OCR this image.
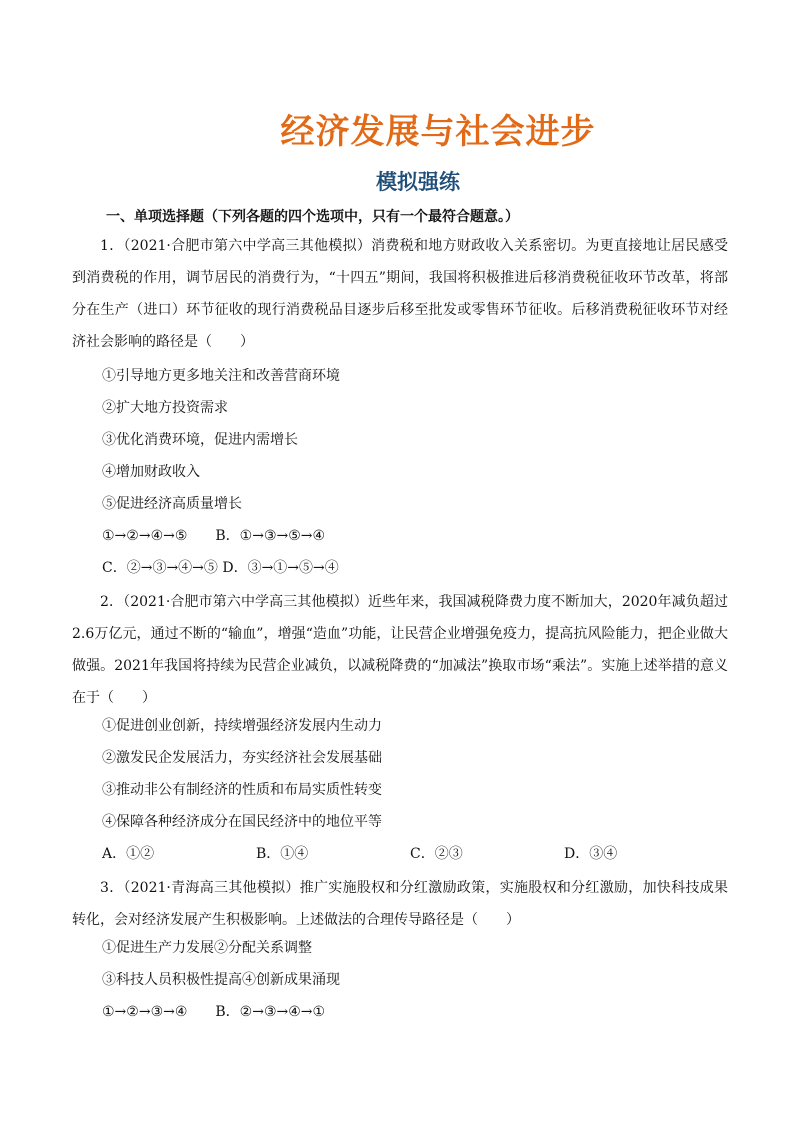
经济发展与社会进步
模拟强练
一、单项选择题（下列各题的四个选项中，只有一个最符合题意。）
1．（2021·合肥市第六中学高三其他模拟）消费税和地方财政收入关系密切。为更直接地让居民感受到消费税的作用，调节居民的消费行为，“十四五”期间，我国将积极推进后移消费税征收环节改革，将部分在生产（进口）环节征收的现行消费税品目逐步后移至批发或零售环节征收。后移消费税征收环节对经济社会影响的路径是（　　）
①引导地方更多地关注和改善营商环境
②扩大地方投资需求
③优化消费环境，促进内需增长
④增加财政收入
⑤促进经济高质量增长
①→②→④→⑤　　B．①→③→⑤→④
C．②→③→④→⑤ D．③→①→⑤→④
2．（2021·合肥市第六中学高三其他模拟）近些年来，我国减税降费力度不断加大，2020年减负超过2.6万亿元，通过不断的“输血”，增强“造血”功能，让民营企业增强免疫力，提高抗风险能力，把企业做大做强。2021年我国将持续为民营企业减负，以减税降费的“加减法”换取市场“乘法”。实施上述举措的意义在于（　　）
①促进创业创新，持续增强经济发展内生动力
②激发民企发展活力，夯实经济社会发展基础
③推动非公有制经济的性质和布局实质性转变
④保障各种经济成分在国民经济中的地位平等
A．①②	B．①④	C．②③	D．③④
3．（2021·青海高三其他模拟）推广实施股权和分红激励政策，实施股权和分红激励，加快科技成果转化，会对经济发展产生积极影响。上述做法的合理传导路径是（　　）
①促进生产力发展②分配关系调整
③科技人员积极性提高④创新成果涌现
①→②→③→④　　B．②→③→④→①
